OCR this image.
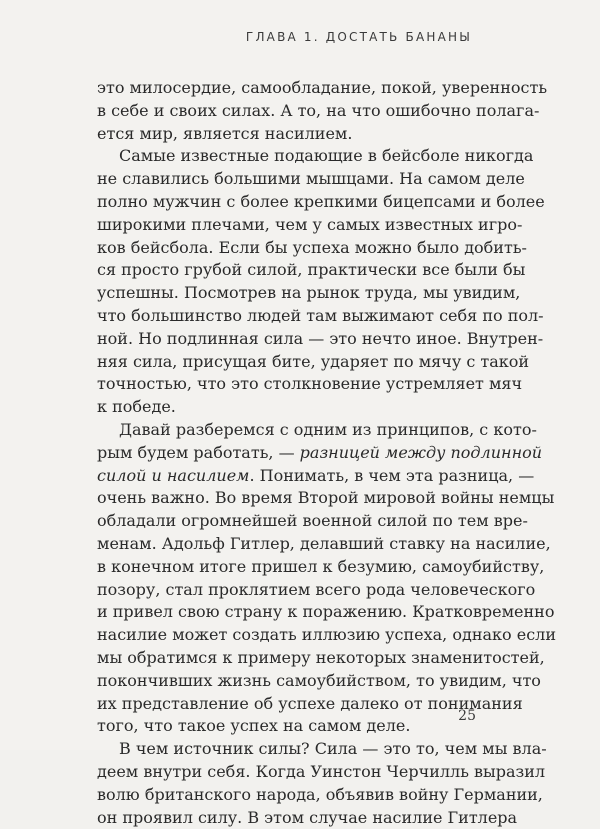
ГЛАВА 1. ДОСТАТЬ БАНАНЫ
это милосердие, самообладание, покой, уверенность
в себе и своих силах. А то, на что ошибочно полага-
ется мир, является насилием.
Самые известные подающие в бейсболе никогда
не славились большими мышцами. На самом деле
полно мужчин с более крепкими бицепсами и более
широкими плечами, чем у самых известных игро-
ков бейсбола. Если бы успеха можно было добить-
ся просто грубой силой, практически все были бы
успешны. Посмотрев на рынок труда, мы увидим,
что большинство людей там выжимают себя по пол-
ной. Но подлинная сила — это нечто иное. Внутрен-
няя сила, присущая бите, ударяет по мячу с такой
точностью, что это столкновение устремляет мяч
к победе.
Давай разберемся с одним из принципов, с кото-
рым будем работать, — разницей между подлинной
силой и насилием. Понимать, в чем эта разница, —
очень важно. Во время Второй мировой войны немцы
обладали огромнейшей военной силой по тем вре-
менам. Адольф Гитлер, делавший ставку на насилие,
в конечном итоге пришел к безумию, самоубийству,
позору, стал проклятием всего рода человеческого
и привел свою страну к поражению. Кратковременно
насилие может создать иллюзию успеха, однако если
мы обратимся к примеру некоторых знаменитостей,
покончивших жизнь самоубийством, то увидим, что
их представление об успехе далеко от понимания
того, что такое успех на самом деле.
В чем источник силы? Сила — это то, чем мы вла-
деем внутри себя. Когда Уинстон Черчилль выразил
волю британского народа, объявив войну Германии,
он проявил силу. В этом случае насилие Гитлера
25
